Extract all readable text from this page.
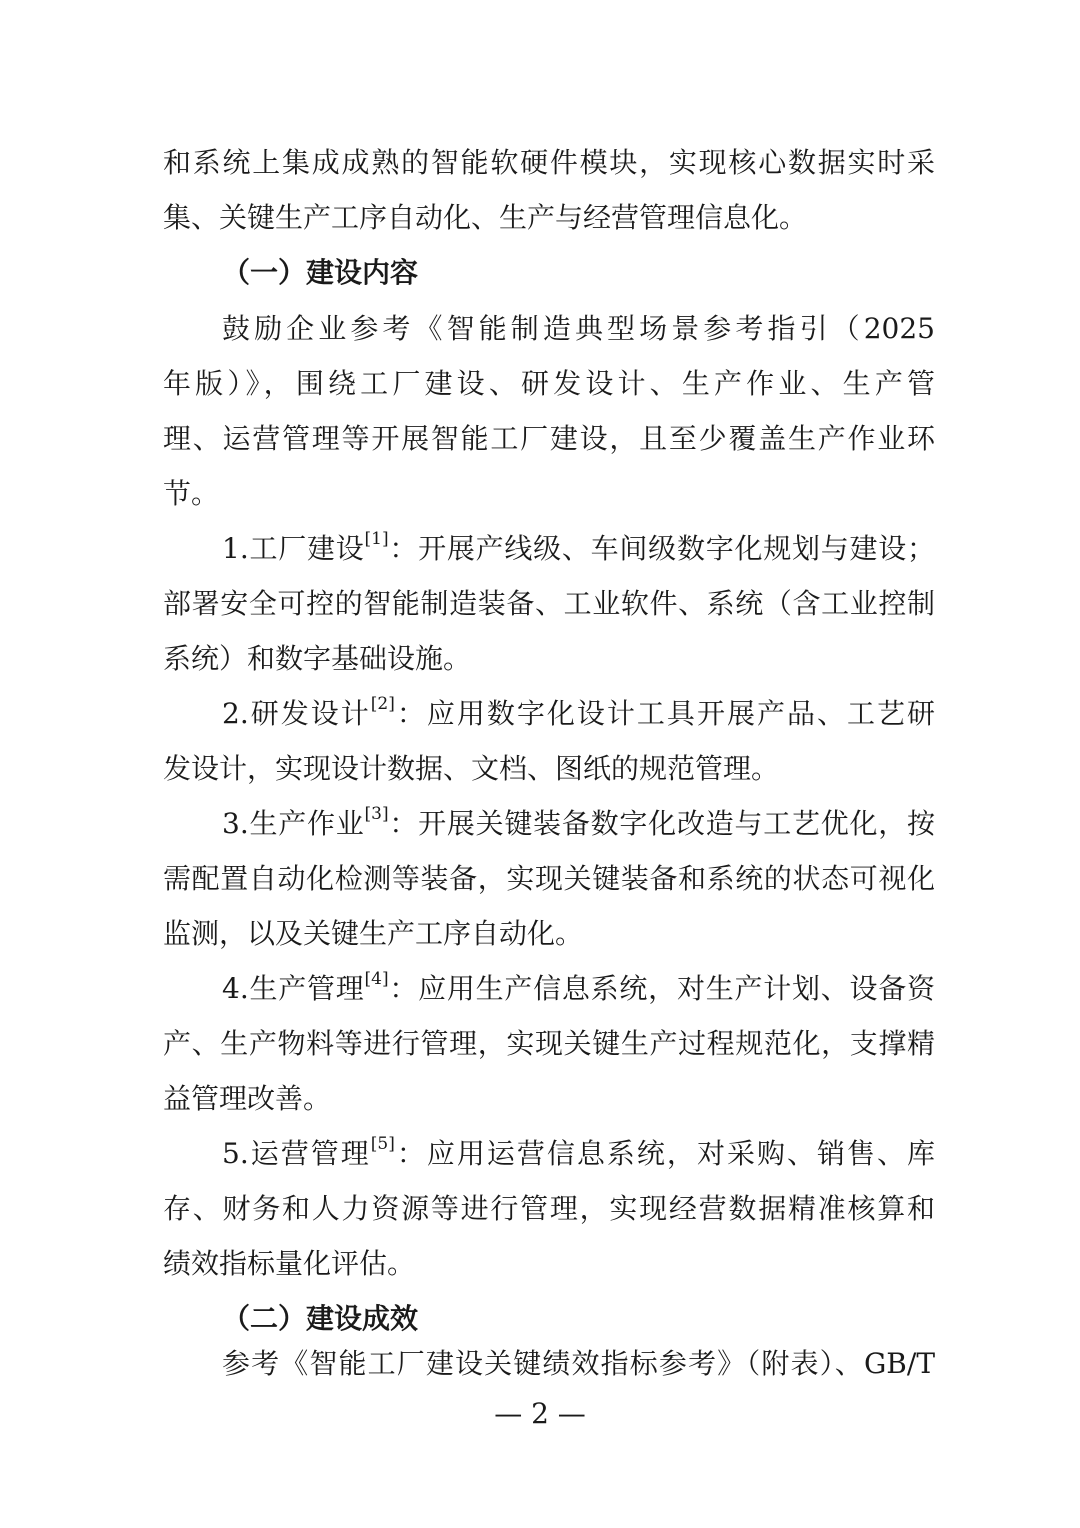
和系统上集成成熟的智能软硬件模块，实现核心数据实时采
集、关键生产工序自动化、生产与经营管理信息化。
（一）建设内容
鼓励企业参考《智能制造典型场景参考指引（2025
年版）》，围绕工厂建设、研发设计、生产作业、生产管
理、运营管理等开展智能工厂建设，且至少覆盖生产作业环
节。
1.工厂建设[1]：开展产线级、车间级数字化规划与建设；
部署安全可控的智能制造装备、工业软件、系统（含工业控制
系统）和数字基础设施。
2.研发设计[2]：应用数字化设计工具开展产品、工艺研
发设计，实现设计数据、文档、图纸的规范管理。
3.生产作业[3]：开展关键装备数字化改造与工艺优化，按
需配置自动化检测等装备，实现关键装备和系统的状态可视化
监测，以及关键生产工序自动化。
4.生产管理[4]：应用生产信息系统，对生产计划、设备资
产、生产物料等进行管理，实现关键生产过程规范化，支撑精
益管理改善。
5.运营管理[5]：应用运营信息系统，对采购、销售、库
存、财务和人力资源等进行管理，实现经营数据精准核算和
绩效指标量化评估。
（二）建设成效
参考《智能工厂建设关键绩效指标参考》（附表）、GB/T
— 2 —
